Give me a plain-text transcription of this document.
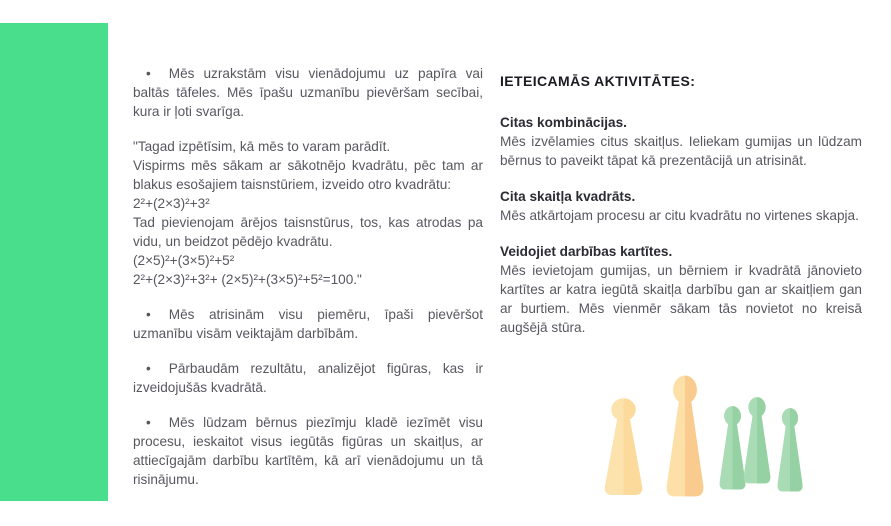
• Mēs uzrakstām visu vienādojumu uz papīra vai baltās tāfeles. Mēs īpašu uzmanību pievēršam secībai, kura ir ļoti svarīga.

"Tagad izpētīsim, kā mēs to varam parādīt.
Vispirms mēs sākam ar sākotnējo kvadrātu, pēc tam ar blakus esošajiem taisnstūriem, izveido otro kvadrātu:
2²+(2×3)²+3²
Tad pievienojam ārējos taisnstūrus, tos, kas atrodas pa vidu, un beidzot pēdējo kvadrātu.
(2×5)²+(3×5)²+5²
2²+(2×3)²+3²+ (2×5)²+(3×5)²+5²=100."

• Mēs atrisinām visu piemēru, īpaši pievēršot uzmanību visām veiktajām darbībām.

• Pārbaudām rezultātu, analizējot figūras, kas ir izveidojušās kvadrātā.

• Mēs lūdzam bērnus piezīmju kladē iezīmēt visu procesu, ieskaitot visus iegūtās figūras un skaitļus, ar attiecīgajām darbību kartītēm, kā arī vienādojumu un tā risinājumu.

IETEICAMĀS AKTIVITĀTES:

Citas kombinācijas.
Mēs izvēlamies citus skaitļus. Ieliekam gumijas un lūdzam bērnus to paveikt tāpat kā prezentācijā un atrisināt.
Cita skaitļa kvadrāts.
Mēs atkārtojam procesu ar citu kvadrātu no virtenes skapja.
Veidojiet darbības kartītes.
Mēs ievietojam gumijas, un bērniem ir kvadrātā jānovieto kartītes ar katra iegūtā skaitļa darbību gan ar skaitļiem gan ar burtiem. Mēs vienmēr sākam tās novietot no kreisā augšējā stūra.
